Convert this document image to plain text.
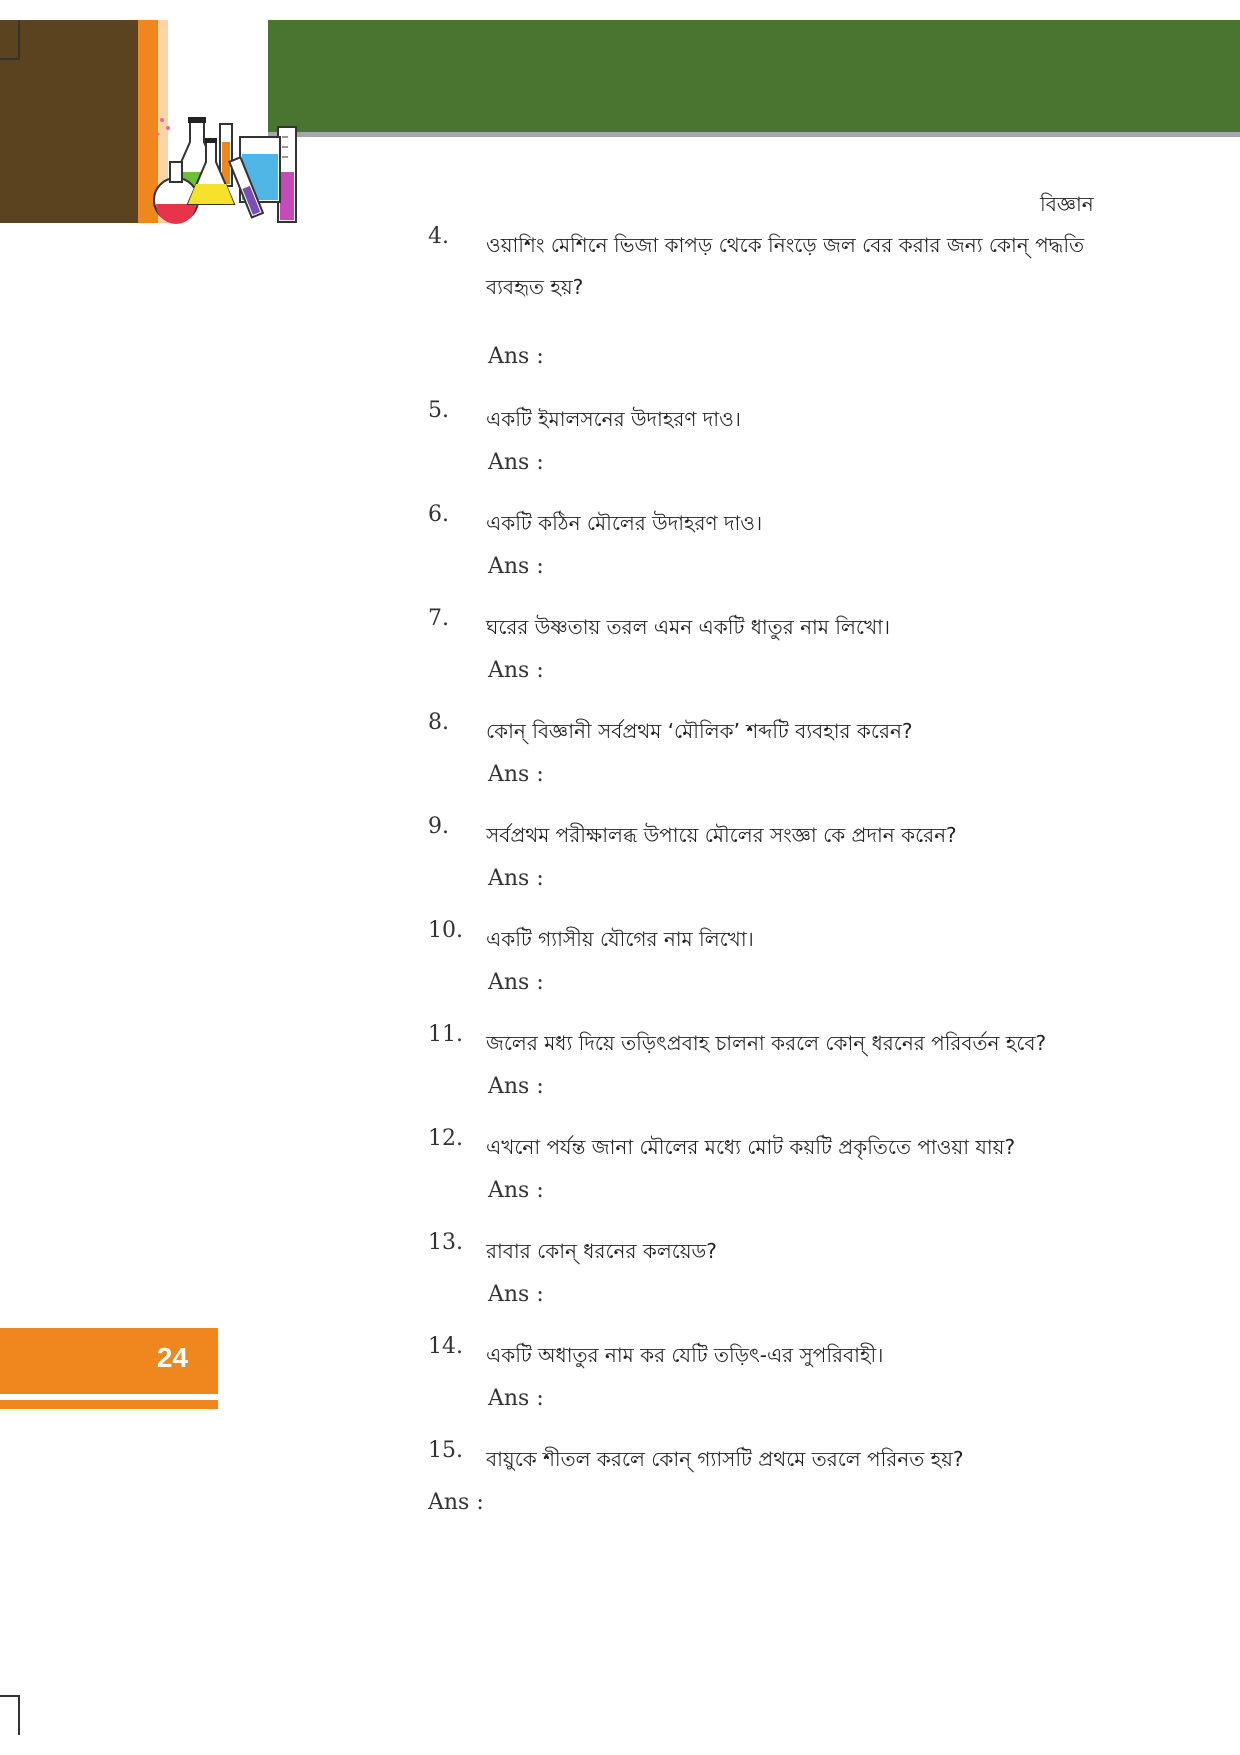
বিজ্ঞান
4. ওয়াশিং মেশিনে ভিজা কাপড় থেকে নিংড়ে জল বের করার জন্য কোন্ পদ্ধতি ব্যবহৃত হয়?
Ans :
5. একটি ইমালসনের উদাহরণ দাও।
Ans :
6. একটি কঠিন মৌলের উদাহরণ দাও।
Ans :
7. ঘরের উষ্ণতায় তরল এমন একটি ধাতুর নাম লিখো।
Ans :
8. কোন্ বিজ্ঞানী সর্বপ্রথম ‘মৌলিক’ শব্দটি ব্যবহার করেন?
Ans :
9. সর্বপ্রথম পরীক্ষালব্ধ উপায়ে মৌলের সংজ্ঞা কে প্রদান করেন?
Ans :
10. একটি গ্যাসীয় যৌগের নাম লিখো।
Ans :
11. জলের মধ্য দিয়ে তড়িৎপ্রবাহ চালনা করলে কোন্ ধরনের পরিবর্তন হবে?
Ans :
12. এখনো পর্যন্ত জানা মৌলের মধ্যে মোট কয়টি প্রকৃতিতে পাওয়া যায়?
Ans :
13. রাবার কোন্ ধরনের কলয়েড?
Ans :
14. একটি অধাতুর নাম কর যেটি তড়িৎ-এর সুপরিবাহী।
Ans :
15. বায়ুকে শীতল করলে কোন্ গ্যাসটি প্রথমে তরলে পরিনত হয়?
Ans :
24
